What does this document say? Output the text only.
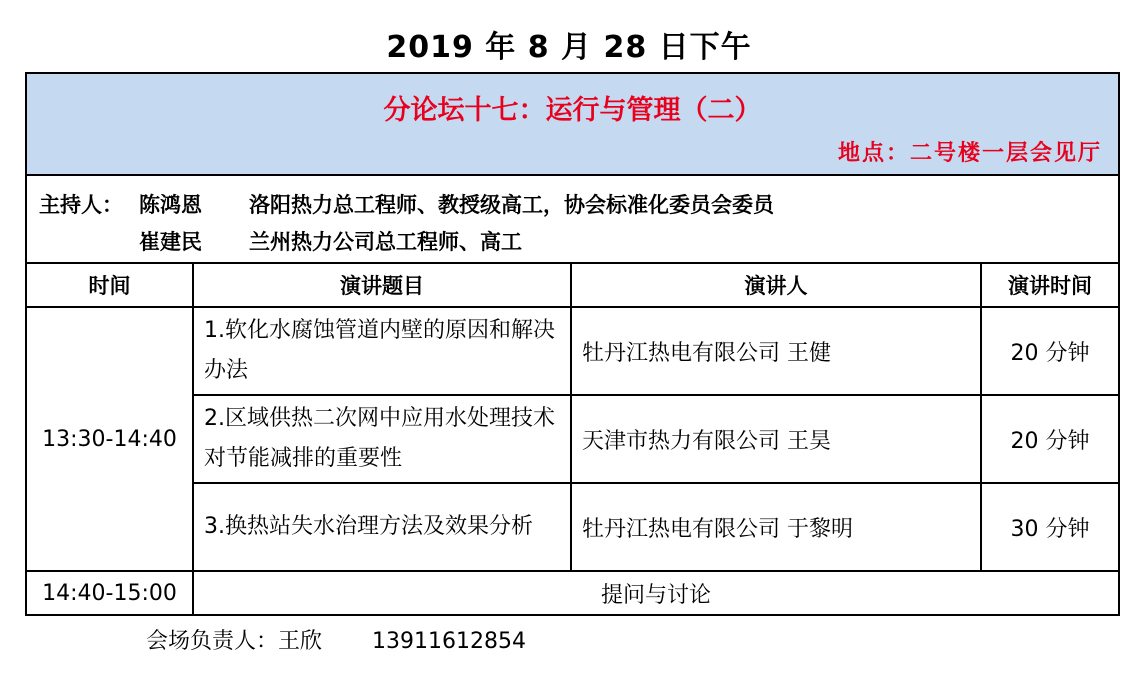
2019 年 8 月 28 日下午
分论坛十七：运行与管理（二）
地点：二号楼一层会见厅			

主持人： 陈鸿恩 洛阳热力总工程师、教授级高工，协会标准化委员会委员
崔建民 兰州热力公司总工程师、高工			

时间	演讲题目	演讲人	演讲时间
13:30-14:40	1.软化水腐蚀管道内壁的原因和解决办法	牡丹江热电有限公司 王健	20 分钟
	2.区域供热二次网中应用水处理技术对节能减排的重要性	天津市热力有限公司 王昊	20 分钟
	3.换热站失水治理方法及效果分析	牡丹江热电有限公司 于黎明	30 分钟
14:40-15:00	提问与讨论		
会场负责人：王欣 13911612854
